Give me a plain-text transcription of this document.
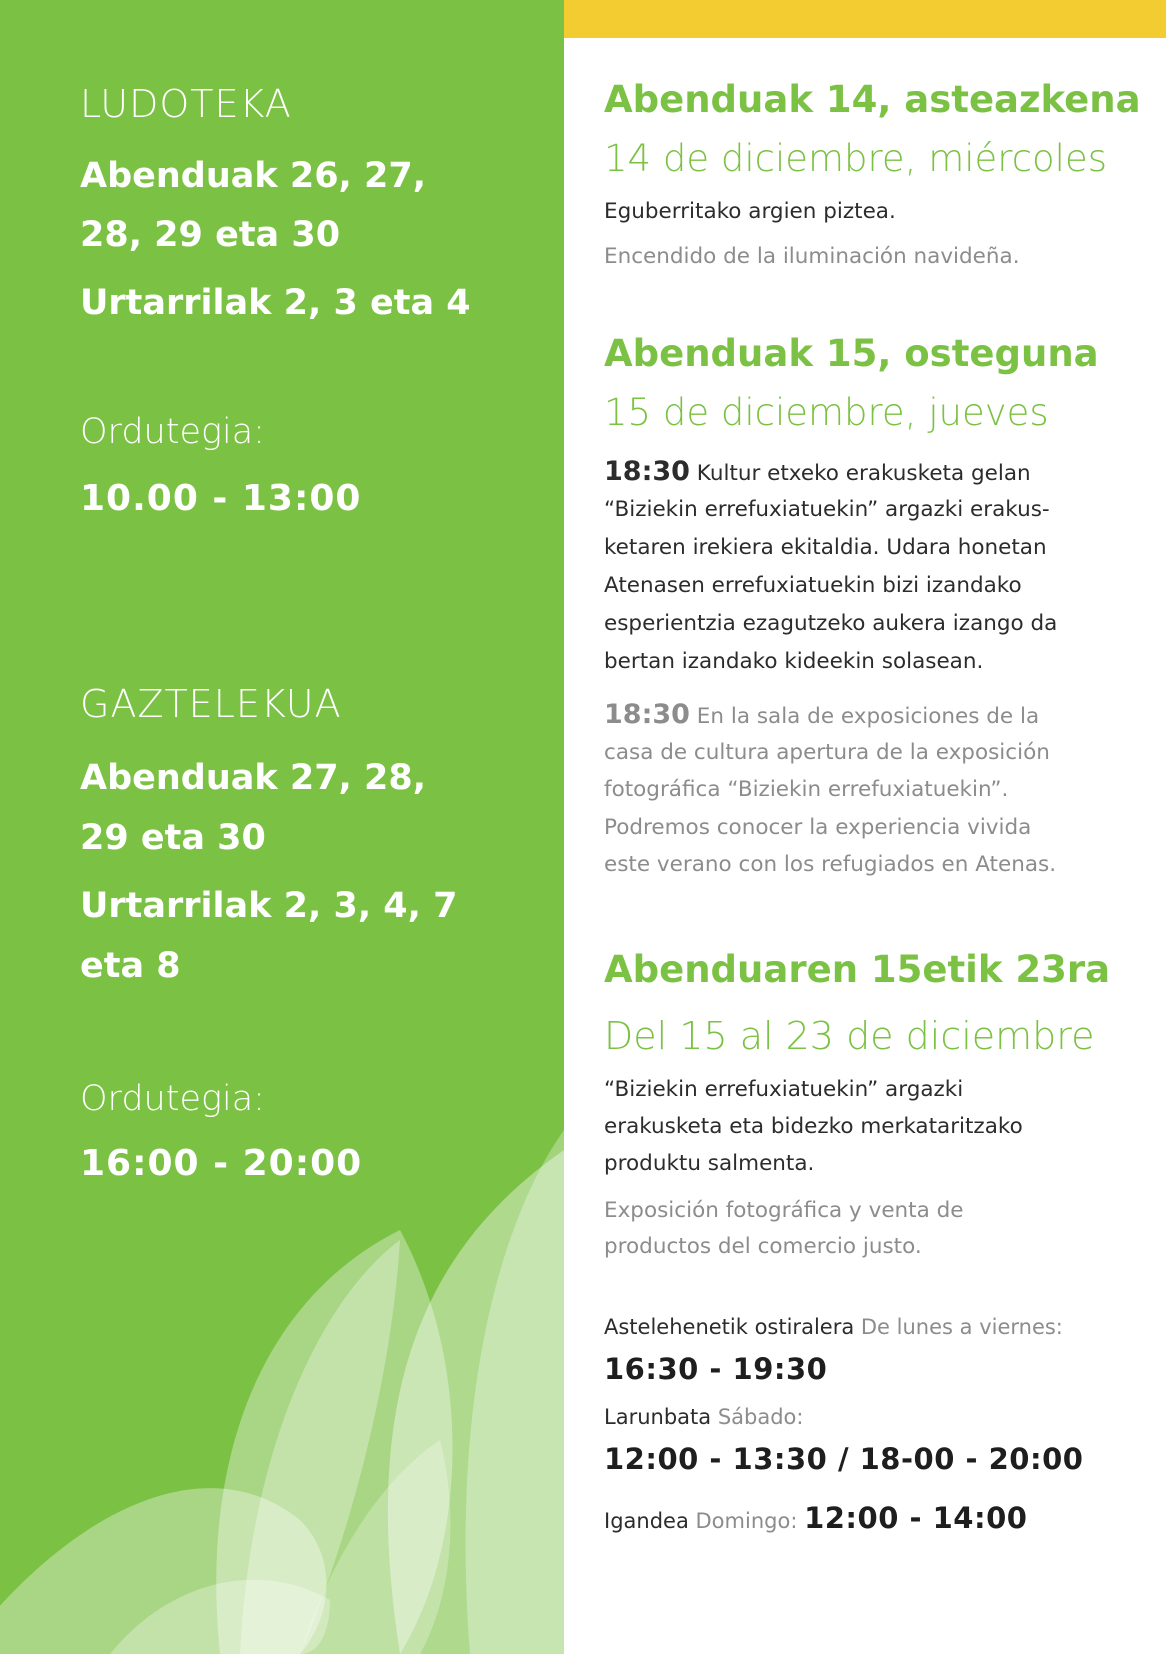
LUDOTEKA

Abenduak 26, 27,

28, 29 eta 30

Urtarrilak 2, 3 eta 4

Ordutegia:

10.00 - 13:00

GAZTELEKUA

Abenduak 27, 28,

29 eta 30

Urtarrilak 2, 3, 4, 7

eta 8

Ordutegia:

16:00 - 20:00

Abenduak 14, asteazkena

14 de diciembre, miércoles

Eguberritako argien piztea.

Encendido de la iluminación navideña.

Abenduak 15, osteguna

15 de diciembre, jueves

18:30 Kultur etxeko erakusketa gelan

“Biziekin errefuxiatuekin” argazki erakus-

ketaren irekiera ekitaldia. Udara honetan

Atenasen errefuxiatuekin bizi izandako

esperientzia ezagutzeko aukera izango da

bertan izandako kideekin solasean.

18:30 En la sala de exposiciones de la

casa de cultura apertura de la exposición

fotográfica “Biziekin errefuxiatuekin”.

Podremos conocer la experiencia vivida

este verano con los refugiados en Atenas.

Abenduaren 15etik 23ra

Del 15 al 23 de diciembre

“Biziekin errefuxiatuekin” argazki

erakusketa eta bidezko merkataritzako

produktu salmenta.

Exposición fotográfica y venta de

productos del comercio justo.

Astelehenetik ostiralera De lunes a viernes:

16:30 - 19:30

Larunbata Sábado:

12:00 - 13:30 / 18-00 - 20:00

Igandea Domingo: 12:00 - 14:00
